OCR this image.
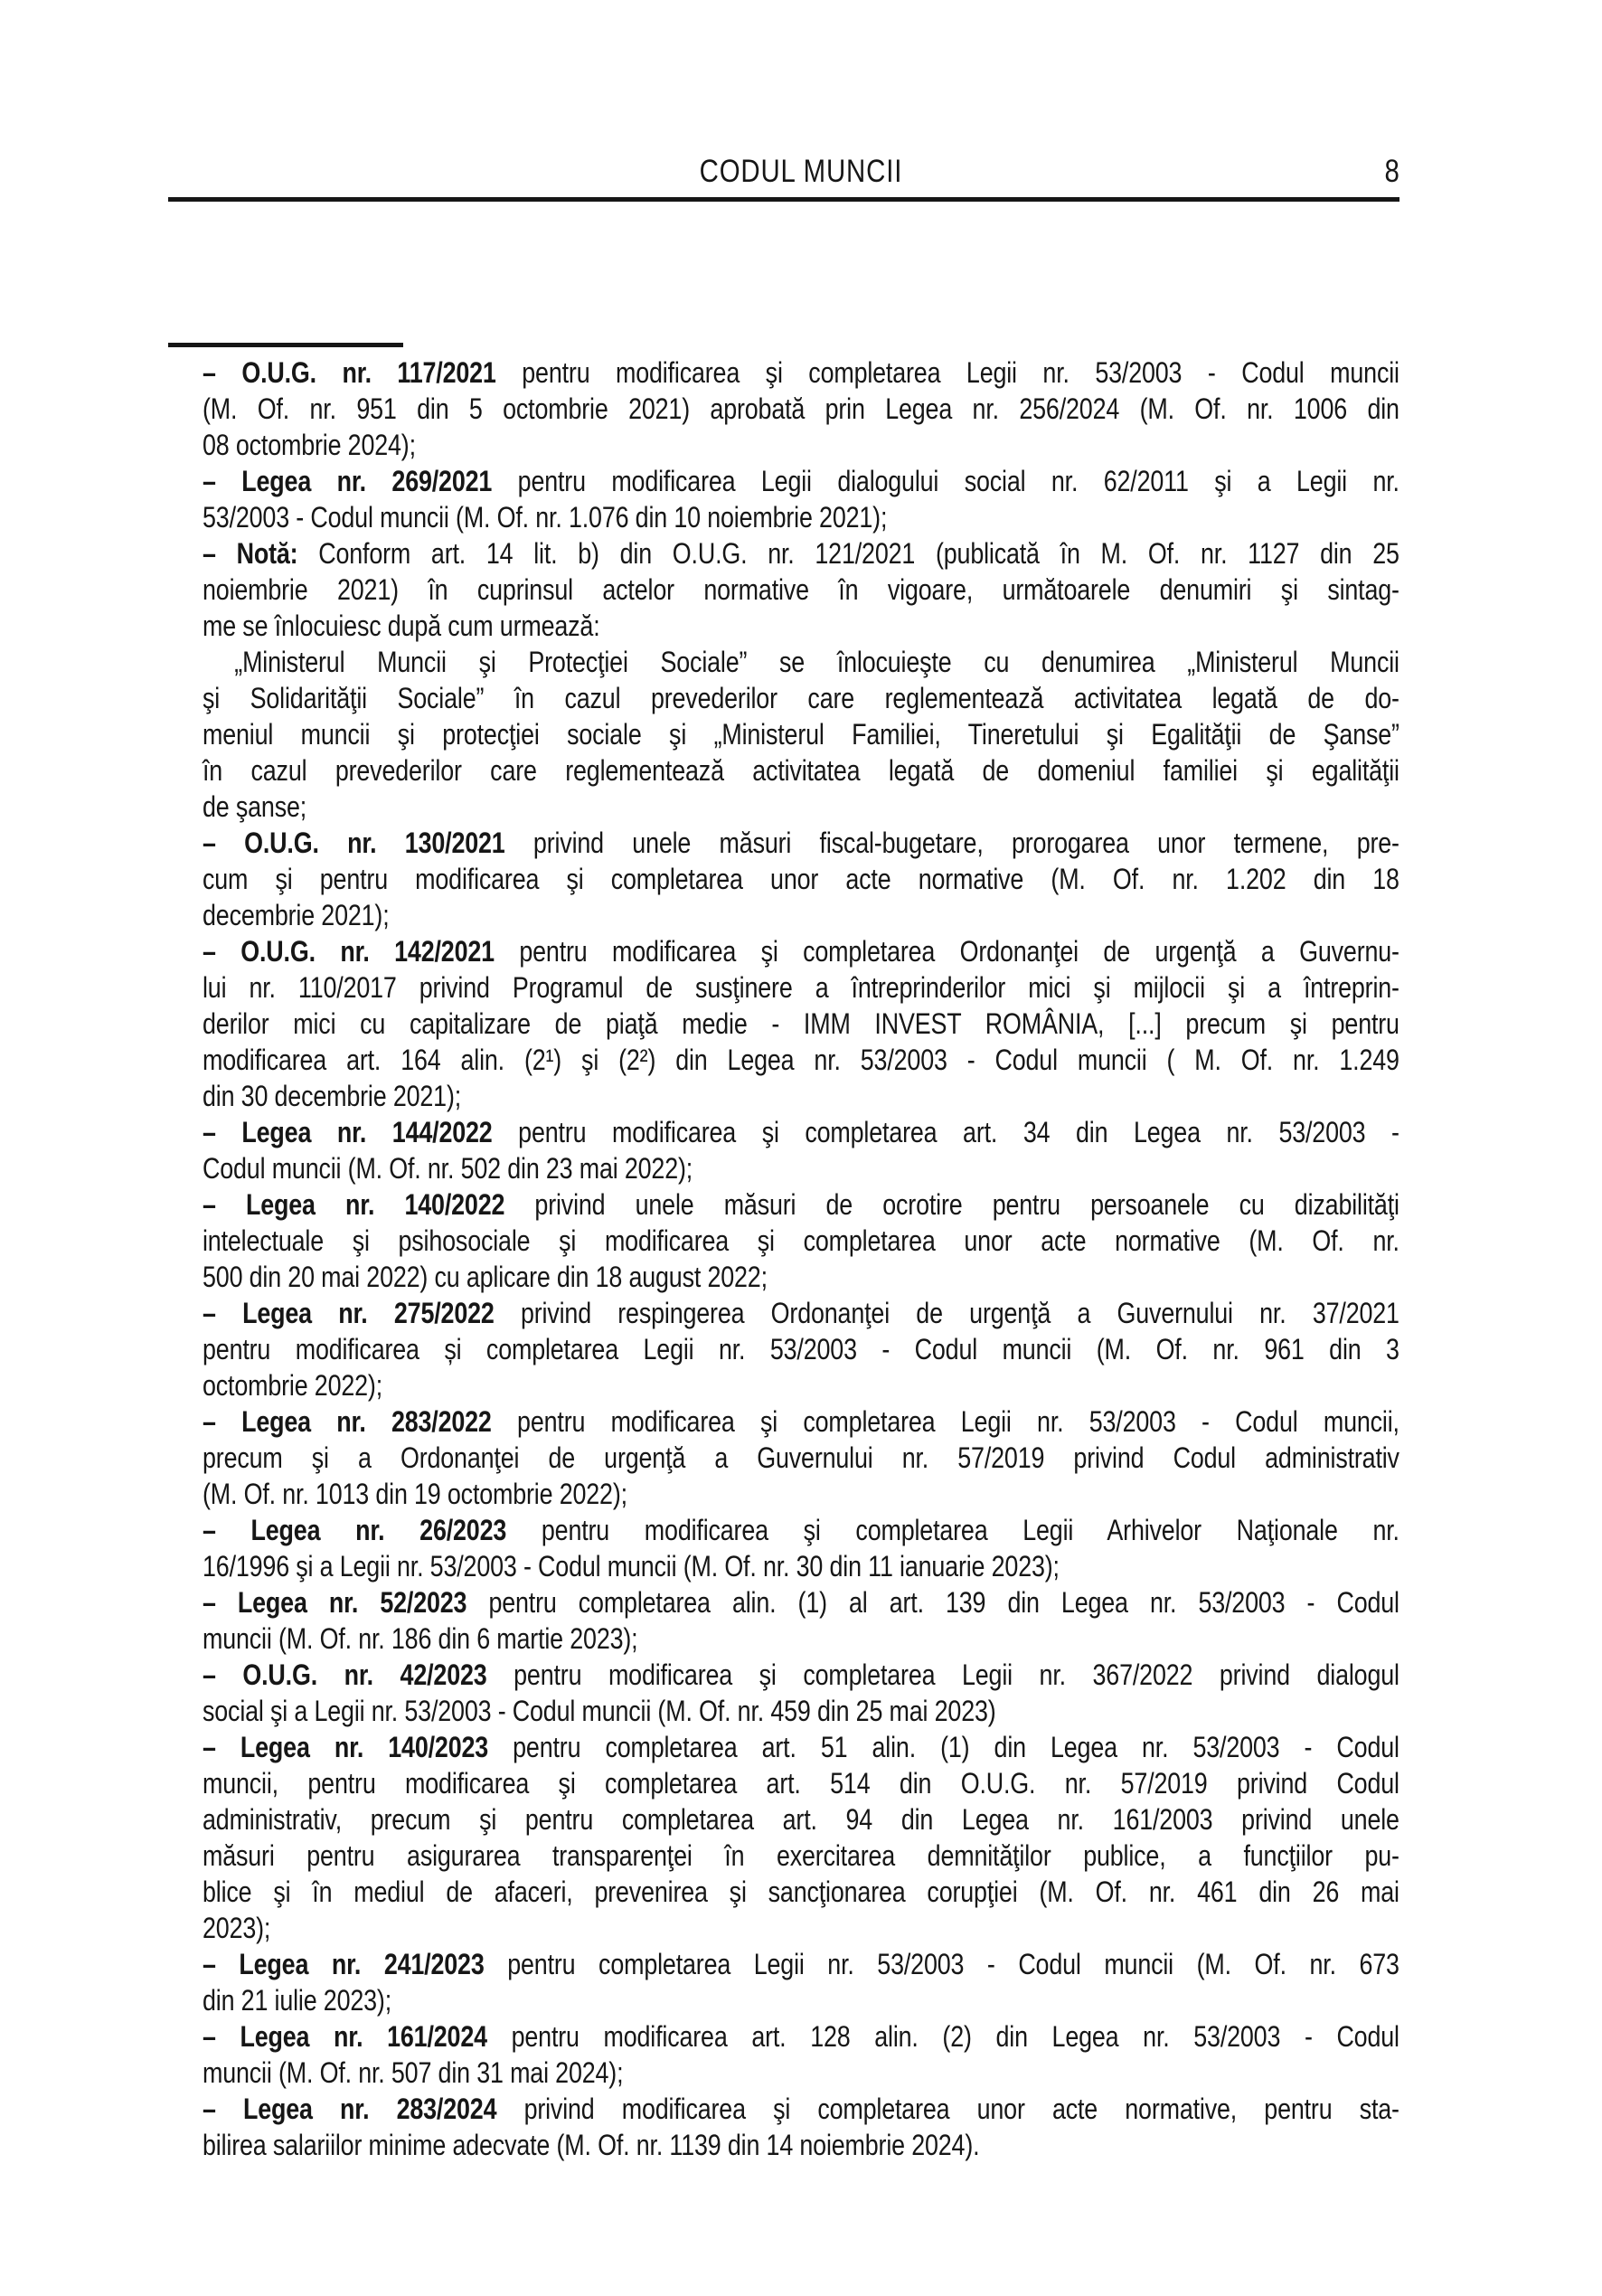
CODUL MUNCII	8
– O.U.G. nr. 117/2021 pentru modificarea şi completarea Legii nr. 53/2003 - Codul muncii
(M. Of. nr. 951 din 5 octombrie 2021) aprobată prin Legea nr. 256/2024 (M. Of. nr. 1006 din
08 octombrie 2024);
– Legea nr. 269/2021 pentru modificarea Legii dialogului social nr. 62/2011 şi a Legii nr.
53/2003 - Codul muncii (M. Of. nr. 1.076 din 10 noiembrie 2021);
– Notă: Conform art. 14 lit. b) din O.U.G. nr. 121/2021 (publicată în M. Of. nr. 1127 din 25
noiembrie 2021) în cuprinsul actelor normative în vigoare, următoarele denumiri şi sintag-
me se înlocuiesc după cum urmează:
„Ministerul Muncii şi Protecţiei Sociale” se înlocuieşte cu denumirea „Ministerul Muncii
şi Solidarităţii Sociale” în cazul prevederilor care reglementează activitatea legată de do-
meniul muncii şi protecţiei sociale şi „Ministerul Familiei, Tineretului şi Egalităţii de Şanse”
în cazul prevederilor care reglementează activitatea legată de domeniul familiei şi egalităţii
de şanse;
– O.U.G. nr. 130/2021 privind unele măsuri fiscal-bugetare, prorogarea unor termene, pre-
cum şi pentru modificarea şi completarea unor acte normative (M. Of. nr. 1.202 din 18
decembrie 2021);
– O.U.G. nr. 142/2021 pentru modificarea şi completarea Ordonanţei de urgenţă a Guvernu-
lui nr. 110/2017 privind Programul de susţinere a întreprinderilor mici şi mijlocii şi a întreprin-
derilor mici cu capitalizare de piaţă medie - IMM INVEST ROMÂNIA, [...] precum şi pentru
modificarea art. 164 alin. (2¹) şi (2²) din Legea nr. 53/2003 - Codul muncii ( M. Of. nr. 1.249
din 30 decembrie 2021);
– Legea nr. 144/2022 pentru modificarea şi completarea art. 34 din Legea nr. 53/2003 -
Codul muncii (M. Of. nr. 502 din 23 mai 2022);
– Legea nr. 140/2022 privind unele măsuri de ocrotire pentru persoanele cu dizabilităţi
intelectuale şi psihosociale şi modificarea şi completarea unor acte normative (M. Of. nr.
500 din 20 mai 2022) cu aplicare din 18 august 2022;
– Legea nr. 275/2022 privind respingerea Ordonanţei de urgenţă a Guvernului nr. 37/2021
pentru modificarea și completarea Legii nr. 53/2003 - Codul muncii (M. Of. nr. 961 din 3
octombrie 2022);
– Legea nr. 283/2022 pentru modificarea şi completarea Legii nr. 53/2003 - Codul muncii,
precum şi a Ordonanţei de urgenţă a Guvernului nr. 57/2019 privind Codul administrativ
(M. Of. nr. 1013 din 19 octombrie 2022);
– Legea nr. 26/2023 pentru modificarea şi completarea Legii Arhivelor Naţionale nr.
16/1996 şi a Legii nr. 53/2003 - Codul muncii (M. Of. nr. 30 din 11 ianuarie 2023);
– Legea nr. 52/2023 pentru completarea alin. (1) al art. 139 din Legea nr. 53/2003 - Codul
muncii (M. Of. nr. 186 din 6 martie 2023);
– O.U.G. nr. 42/2023 pentru modificarea şi completarea Legii nr. 367/2022 privind dialogul
social şi a Legii nr. 53/2003 - Codul muncii (M. Of. nr. 459 din 25 mai 2023)
– Legea nr. 140/2023 pentru completarea art. 51 alin. (1) din Legea nr. 53/2003 - Codul
muncii, pentru modificarea şi completarea art. 514 din O.U.G. nr. 57/2019 privind Codul
administrativ, precum şi pentru completarea art. 94 din Legea nr. 161/2003 privind unele
măsuri pentru asigurarea transparenţei în exercitarea demnităţilor publice, a funcţiilor pu-
blice şi în mediul de afaceri, prevenirea şi sancţionarea corupţiei (M. Of. nr. 461 din 26 mai
2023);
– Legea nr. 241/2023 pentru completarea Legii nr. 53/2003 - Codul muncii (M. Of. nr. 673
din 21 iulie 2023);
– Legea nr. 161/2024 pentru modificarea art. 128 alin. (2) din Legea nr. 53/2003 - Codul
muncii (M. Of. nr. 507 din 31 mai 2024);
– Legea nr. 283/2024 privind modificarea şi completarea unor acte normative, pentru sta-
bilirea salariilor minime adecvate (M. Of. nr. 1139 din 14 noiembrie 2024).
